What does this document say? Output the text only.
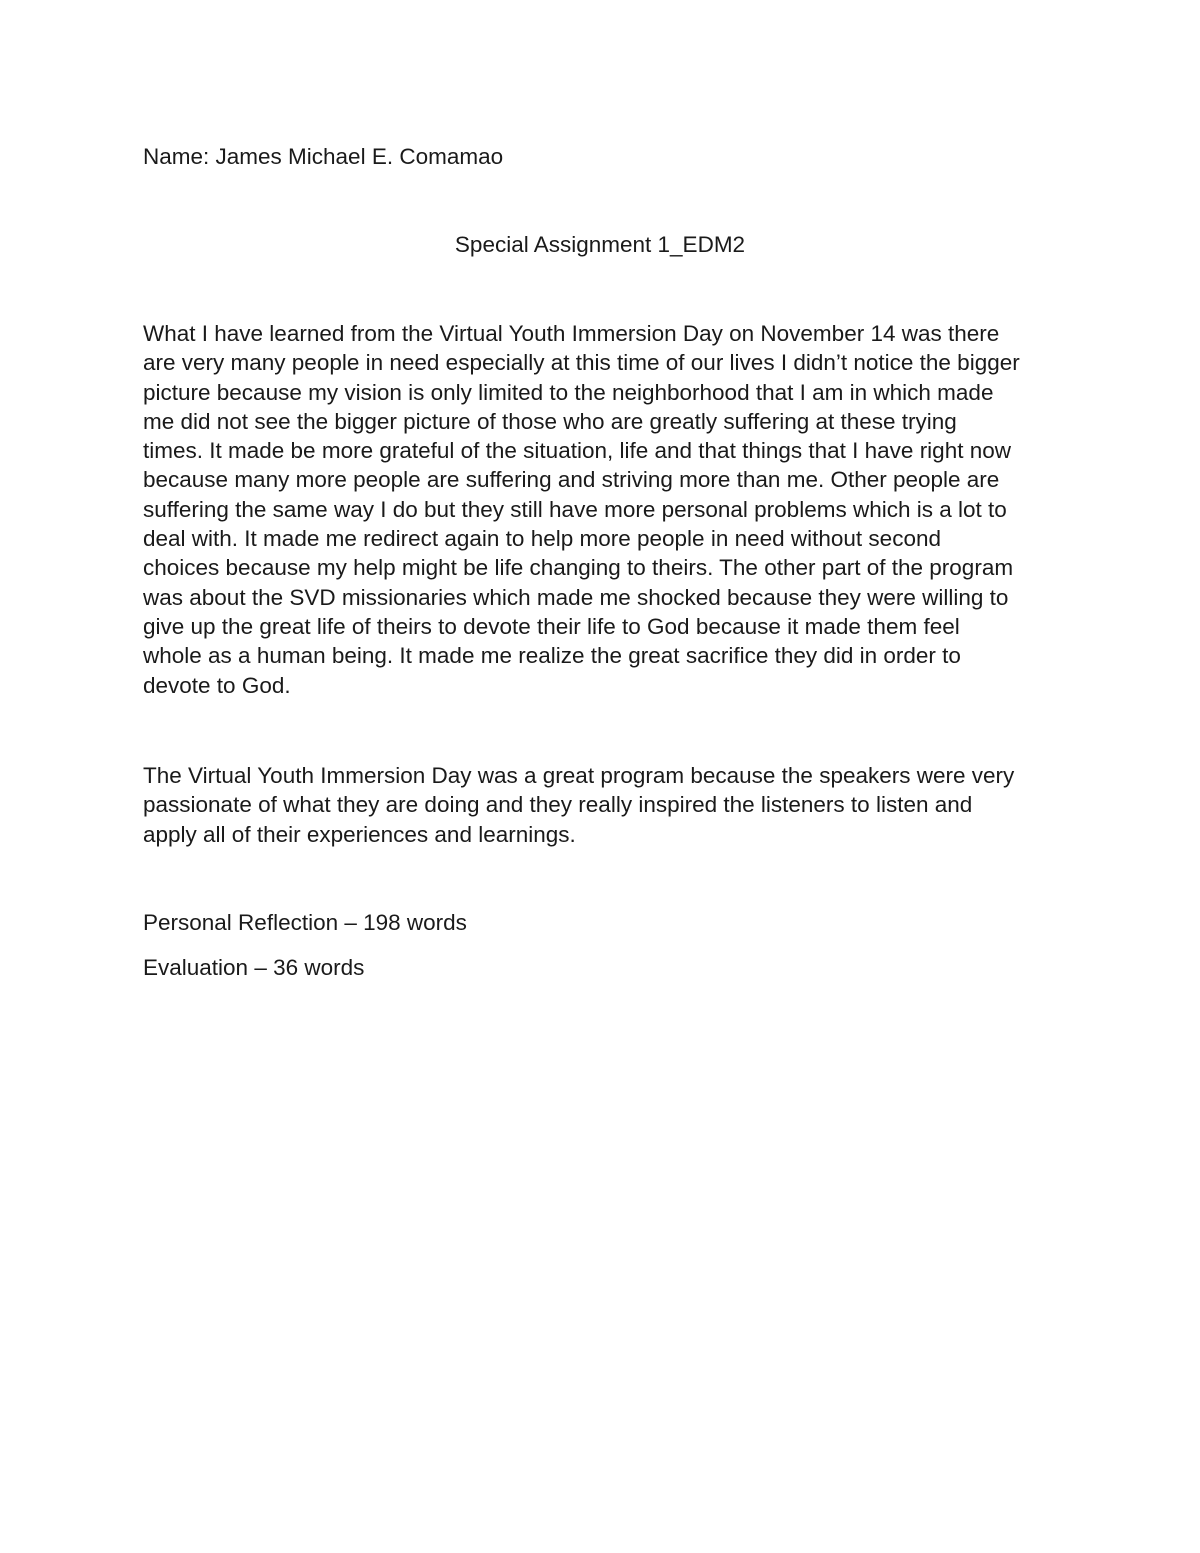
Name: James Michael E. Comamao

Special Assignment 1_EDM2

What I have learned from the Virtual Youth Immersion Day on November 14 was there
are very many people in need especially at this time of our lives I didn’t notice the bigger
picture because my vision is only limited to the neighborhood that I am in which made
me did not see the bigger picture of those who are greatly suffering at these trying
times. It made be more grateful of the situation, life and that things that I have right now
because many more people are suffering and striving more than me. Other people are
suffering the same way I do but they still have more personal problems which is a lot to
deal with. It made me redirect again to help more people in need without second
choices because my help might be life changing to theirs. The other part of the program
was about the SVD missionaries which made me shocked because they were willing to
give up the great life of theirs to devote their life to God because it made them feel
whole as a human being. It made me realize the great sacrifice they did in order to
devote to God.
The Virtual Youth Immersion Day was a great program because the speakers were very
passionate of what they are doing and they really inspired the listeners to listen and
apply all of their experiences and learnings.

Personal Reflection – 198 words

Evaluation – 36 words
